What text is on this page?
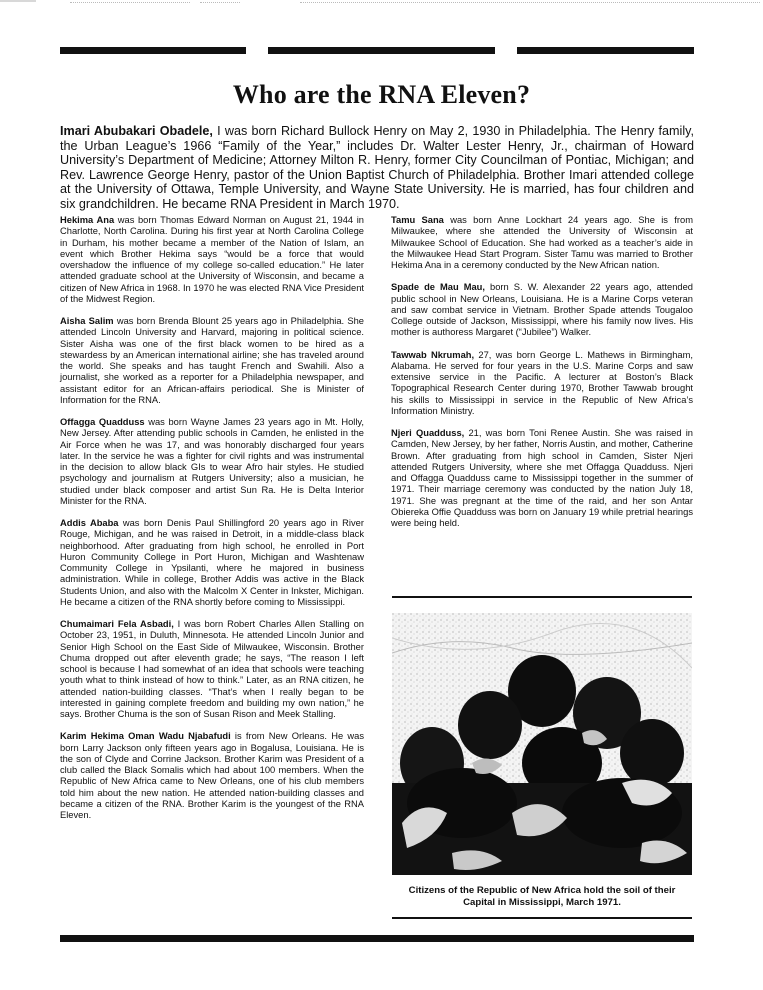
Who are the RNA Eleven?

Imari Abubakari Obadele, I was born Richard Bullock Henry on May 2, 1930 in Philadelphia. The Henry family, the Urban League’s 1966 “Family of the Year,” includes Dr. Walter Lester Henry, Jr., chairman of Howard University’s Department of Medicine; Attorney Milton R. Henry, former City Councilman of Pontiac, Michigan; and Rev. Lawrence George Henry, pastor of the Union Baptist Church of Philadelphia. Brother Imari attended college at the University of Ottawa, Temple University, and Wayne State University. He is married, has four children and six grandchildren. He became RNA President in March 1970.

Hekima Ana was born Thomas Edward Norman on August 21, 1944 in Charlotte, North Carolina. During his first year at North Carolina College in Durham, his mother became a member of the Nation of Islam, an event which Brother Hekima says “would be a force that would overshadow the influence of my college so-called education.” He later attended graduate school at the University of Wisconsin, and became a citizen of New Africa in 1968. In 1970 he was elected RNA Vice President of the Midwest Region.

Aisha Salim was born Brenda Blount 25 years ago in Philadelphia. She attended Lincoln University and Harvard, majoring in political science. Sister Aisha was one of the first black women to be hired as a stewardess by an American international airline; she has traveled around the world. She speaks and has taught French and Swahili. Also a journalist, she worked as a reporter for a Philadelphia newspaper, and assistant editor for an African-affairs periodical. She is Minister of Information for the RNA.

Offagga Quadduss was born Wayne James 23 years ago in Mt. Holly, New Jersey. After attending public schools in Camden, he enlisted in the Air Force when he was 17, and was honorably discharged four years later. In the service he was a fighter for civil rights and was instrumental in the decision to allow black GIs to wear Afro hair styles. He studied psychology and journalism at Rutgers University; also a musician, he studied under black composer and artist Sun Ra. He is Delta Interior Minister for the RNA.

Addis Ababa was born Denis Paul Shillingford 20 years ago in River Rouge, Michigan, and he was raised in Detroit, in a middle-class black neighborhood. After graduating from high school, he enrolled in Port Huron Community College in Port Huron, Michigan and Washtenaw Community College in Ypsilanti, where he majored in business administration. While in college, Brother Addis was active in the Black Students Union, and also with the Malcolm X Center in Inkster, Michigan. He became a citizen of the RNA shortly before coming to Mississippi.

Chumaimari Fela Asbadi, I was born Robert Charles Allen Stalling on October 23, 1951, in Duluth, Minnesota. He attended Lincoln Junior and Senior High School on the East Side of Milwaukee, Wisconsin. Brother Chuma dropped out after eleventh grade; he says, “The reason I left school is because I had somewhat of an idea that schools were teaching youth what to think instead of how to think.” Later, as an RNA citizen, he attended nation-building classes. “That’s when I really began to be interested in gaining complete freedom and building my own nation,” he says. Brother Chuma is the son of Susan Rison and Meek Stalling.

Karim Hekima Oman Wadu Njabafudi is from New Orleans. He was born Larry Jackson only fifteen years ago in Bogalusa, Louisiana. He is the son of Clyde and Corrine Jackson. Brother Karim was President of a club called the Black Somalis which had about 100 members. When the Republic of New Africa came to New Orleans, one of his club members told him about the new nation. He attended nation-building classes and became a citizen of the RNA. Brother Karim is the youngest of the RNA Eleven.

Tamu Sana was born Anne Lockhart 24 years ago. She is from Milwaukee, where she attended the University of Wisconsin at Milwaukee School of Education. She had worked as a teacher’s aide in the Milwaukee Head Start Program. Sister Tamu was married to Brother Hekima Ana in a ceremony conducted by the New African nation.

Spade de Mau Mau, born S. W. Alexander 22 years ago, attended public school in New Orleans, Louisiana. He is a Marine Corps veteran and saw combat service in Vietnam. Brother Spade attends Tougaloo College outside of Jackson, Mississippi, where his family now lives. His mother is authoress Margaret (“Jubilee”) Walker.

Tawwab Nkrumah, 27, was born George L. Mathews in Birmingham, Alabama. He served for four years in the U.S. Marine Corps and saw extensive service in the Pacific. A lecturer at Boston’s Black Topographical Research Center during 1970, Brother Tawwab brought his skills to Mississippi in service in the Republic of New Africa’s Information Ministry.

Njeri Quadduss, 21, was born Toni Renee Austin. She was raised in Camden, New Jersey, by her father, Norris Austin, and mother, Catherine Brown. After graduating from high school in Camden, Sister Njeri attended Rutgers University, where she met Offagga Quadduss. Njeri and Offagga Quadduss came to Mississippi together in the summer of 1971. Their marriage ceremony was conducted by the nation July 18, 1971. She was pregnant at the time of the raid, and her son Antar Obiereka Offie Quadduss was born on January 19 while pretrial hearings were being held.

Citizens of the Republic of New Africa hold the soil of their Capital in Mississippi, March 1971.
